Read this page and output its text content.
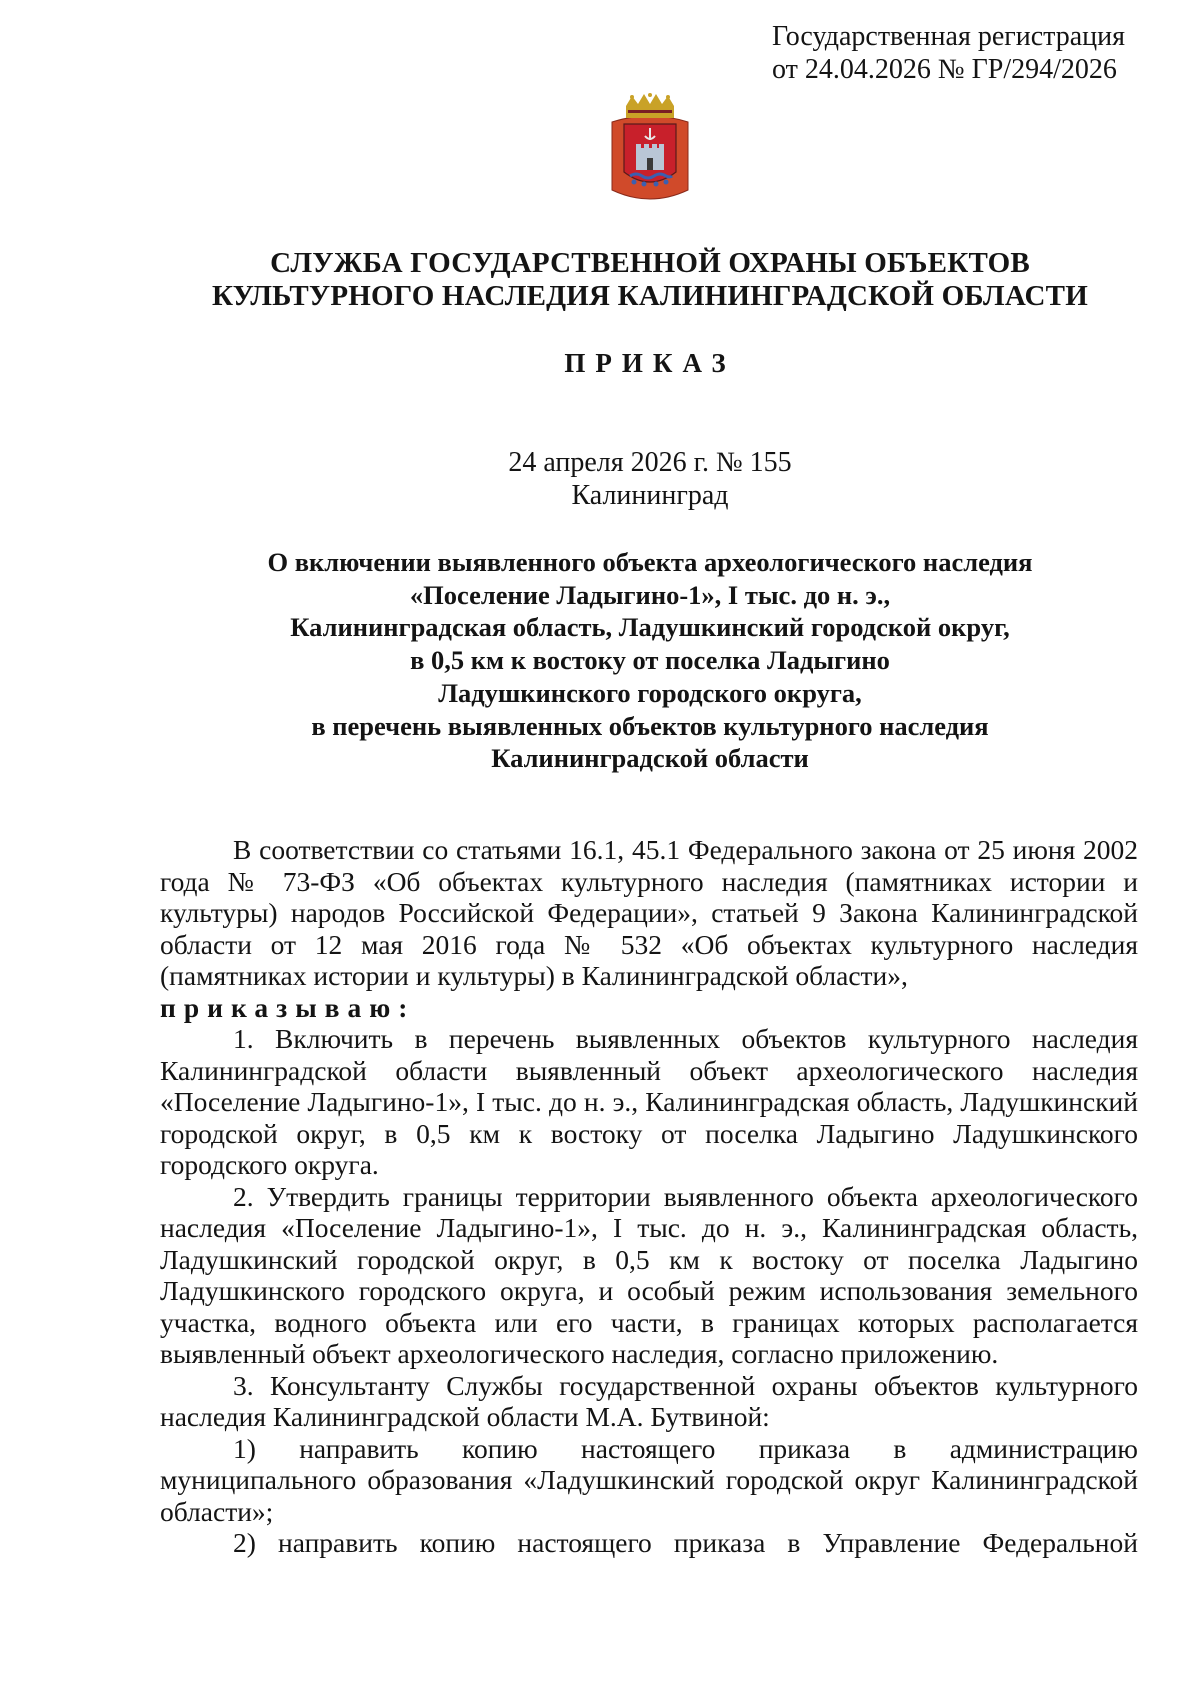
Государственная регистрация
от 24.04.2026 № ГР/294/2026
СЛУЖБА ГОСУДАРСТВЕННОЙ ОХРАНЫ ОБЪЕКТОВ
КУЛЬТУРНОГО НАСЛЕДИЯ КАЛИНИНГРАДСКОЙ ОБЛАСТИ
ПРИКАЗ
24 апреля 2026 г. № 155
Калининград
О включении выявленного объекта археологического наследия
«Поселение Ладыгино-1», I тыс. до н. э.,
Калининградская область, Ладушкинский городской округ,
в 0,5 км к востоку от поселка Ладыгино
Ладушкинского городского округа,
в перечень выявленных объектов культурного наследия
Калининградской области

В соответствии со статьями 16.1, 45.1 Федерального закона от 25 июня 2002 года № 73-ФЗ «Об объектах культурного наследия (памятниках истории и культуры) народов Российской Федерации», статьей 9 Закона Калининградской области от 12 мая 2016 года № 532 «Об объектах культурного наследия (памятниках истории и культуры) в Калининградской области»,

приказываю:

1. Включить в перечень выявленных объектов культурного наследия Калининградской области выявленный объект археологического наследия «Поселение Ладыгино-1», I тыс. до н. э., Калининградская область, Ладушкинский городской округ, в 0,5 км к востоку от поселка Ладыгино Ладушкинского городского округа.

2. Утвердить границы территории выявленного объекта археологического наследия «Поселение Ладыгино-1», I тыс. до н. э., Калининградская область, Ладушкинский городской округ, в 0,5 км к востоку от поселка Ладыгино Ладушкинского городского округа, и особый режим использования земельного участка, водного объекта или его части, в границах которых располагается выявленный объект археологического наследия, согласно приложению.

3. Консультанту Службы государственной охраны объектов культурного наследия Калининградской области М.А. Бутвиной:

1) направить копию настоящего приказа в администрацию

муниципального образования «Ладушкинский городской округ Калининградской области»;

2) направить копию настоящего приказа в Управление Федеральной
